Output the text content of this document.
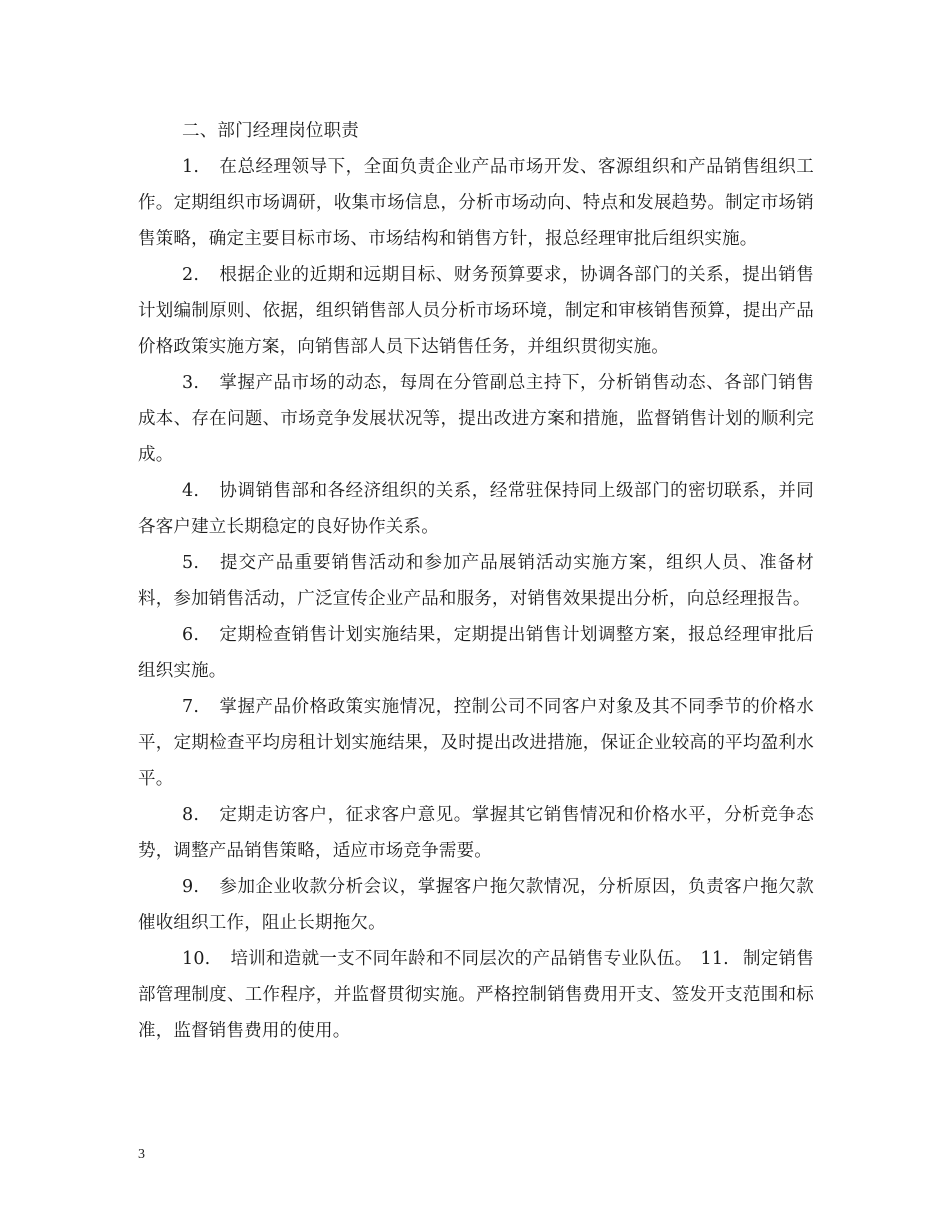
二、部门经理岗位职责

1. 在总经理领导下，全面负责企业产品市场开发、客源组织和产品销售组织工作。定期组织市场调研，收集市场信息，分析市场动向、特点和发展趋势。制定市场销售策略，确定主要目标市场、市场结构和销售方针，报总经理审批后组织实施。

2. 根据企业的近期和远期目标、财务预算要求，协调各部门的关系，提出销售计划编制原则、依据，组织销售部人员分析市场环境，制定和审核销售预算，提出产品价格政策实施方案，向销售部人员下达销售任务，并组织贯彻实施。

3. 掌握产品市场的动态，每周在分管副总主持下，分析销售动态、各部门销售成本、存在问题、市场竞争发展状况等，提出改进方案和措施，监督销售计划的顺利完成。

4. 协调销售部和各经济组织的关系，经常驻保持同上级部门的密切联系，并同各客户建立长期稳定的良好协作关系。

5. 提交产品重要销售活动和参加产品展销活动实施方案，组织人员、准备材料，参加销售活动，广泛宣传企业产品和服务，对销售效果提出分析，向总经理报告。

6. 定期检查销售计划实施结果，定期提出销售计划调整方案，报总经理审批后组织实施。

7. 掌握产品价格政策实施情况，控制公司不同客户对象及其不同季节的价格水平，定期检查平均房租计划实施结果，及时提出改进措施，保证企业较高的平均盈利水平。

8. 定期走访客户，征求客户意见。掌握其它销售情况和价格水平，分析竞争态势，调整产品销售策略，适应市场竞争需要。

9. 参加企业收款分析会议，掌握客户拖欠款情况，分析原因，负责客户拖欠款催收组织工作，阻止长期拖欠。

10. 培训和造就一支不同年龄和不同层次的产品销售专业队伍。 11. 制定销售部管理制度、工作程序，并监督贯彻实施。严格控制销售费用开支、签发开支范围和标准，监督销售费用的使用。

3
